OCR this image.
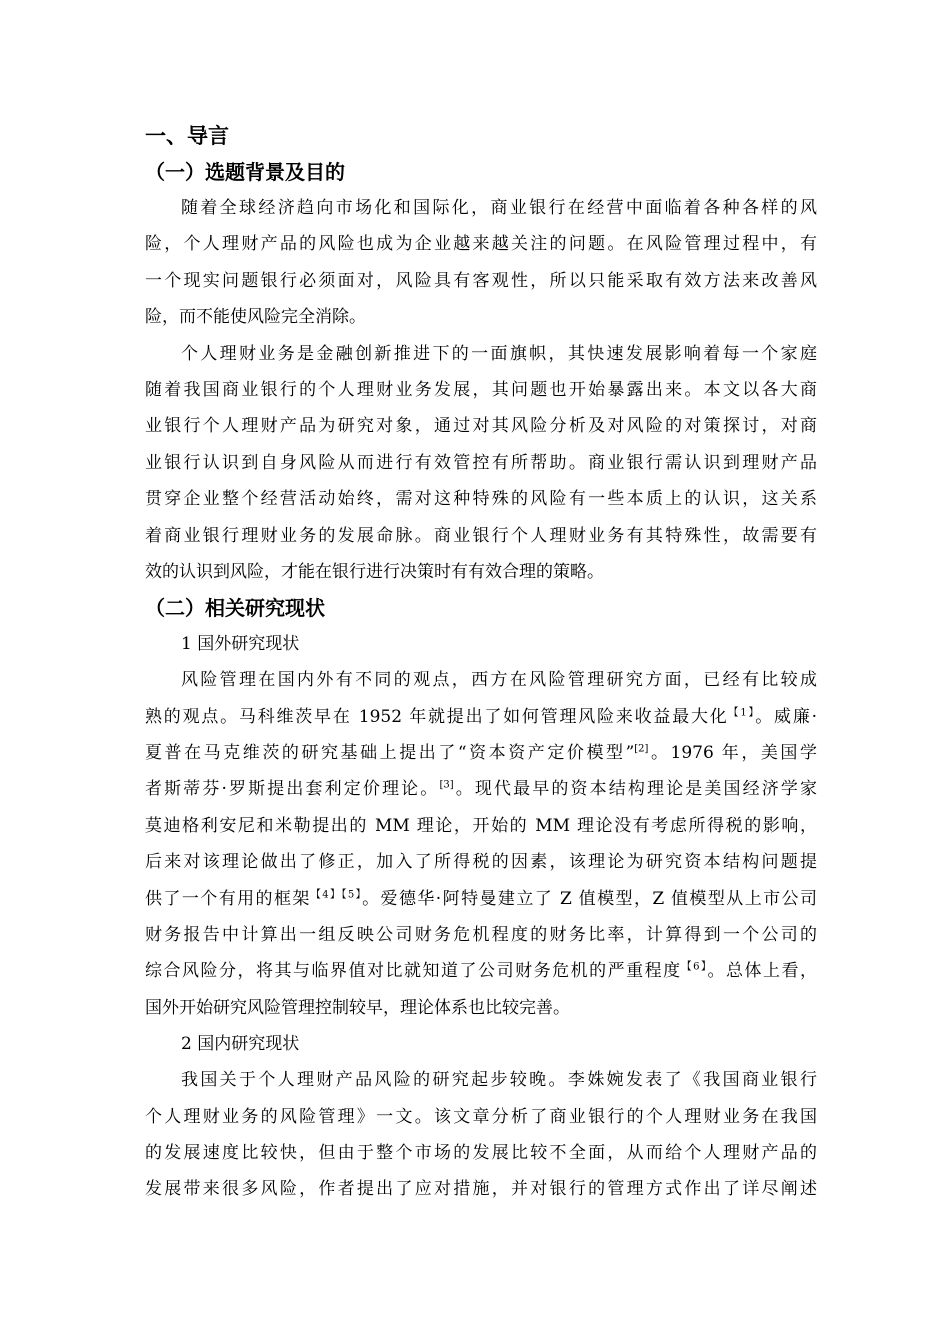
一、导言
（一）选题背景及目的
随着全球经济趋向市场化和国际化，商业银行在经营中面临着各种各样的风
险，个人理财产品的风险也成为企业越来越关注的问题。在风险管理过程中，有
一个现实问题银行必须面对，风险具有客观性，所以只能采取有效方法来改善风
险，而不能使风险完全消除。
个人理财业务是金融创新推进下的一面旗帜，其快速发展影响着每一个家庭
随着我国商业银行的个人理财业务发展，其问题也开始暴露出来。本文以各大商
业银行个人理财产品为研究对象，通过对其风险分析及对风险的对策探讨，对商
业银行认识到自身风险从而进行有效管控有所帮助。商业银行需认识到理财产品
贯穿企业整个经营活动始终，需对这种特殊的风险有一些本质上的认识，这关系
着商业银行理财业务的发展命脉。商业银行个人理财业务有其特殊性，故需要有
效的认识到风险，才能在银行进行决策时有有效合理的策略。
（二）相关研究现状
1 国外研究现状
风险管理在国内外有不同的观点，西方在风险管理研究方面，已经有比较成
熟的观点。马科维茨早在 1952 年就提出了如何管理风险来收益最大化$^{【1】}$。威廉·
夏普在马克维茨的研究基础上提出了“资本资产定价模型”[2]。1976 年，美国学
者斯蒂芬·罗斯提出套利定价理论。[3]。现代最早的资本结构理论是美国经济学家
莫迪格利安尼和米勒提出的 MM 理论，开始的 MM 理论没有考虑所得税的影响，
后来对该理论做出了修正，加入了所得税的因素，该理论为研究资本结构问题提
供了一个有用的框架$^{【4】【5】}$。爱德华·阿特曼建立了 Z 值模型，Z 值模型从上市公司
财务报告中计算出一组反映公司财务危机程度的财务比率，计算得到一个公司的
综合风险分，将其与临界值对比就知道了公司财务危机的严重程度$^{【6】}$。总体上看，
国外开始研究风险管理控制较早，理论体系也比较完善。
2 国内研究现状
我国关于个人理财产品风险的研究起步较晚。李姝婉发表了《我国商业银行
个人理财业务的风险管理》一文。该文章分析了商业银行的个人理财业务在我国
的发展速度比较快，但由于整个市场的发展比较不全面，从而给个人理财产品的
发展带来很多风险，作者提出了应对措施，并对银行的管理方式作出了详尽阐述
